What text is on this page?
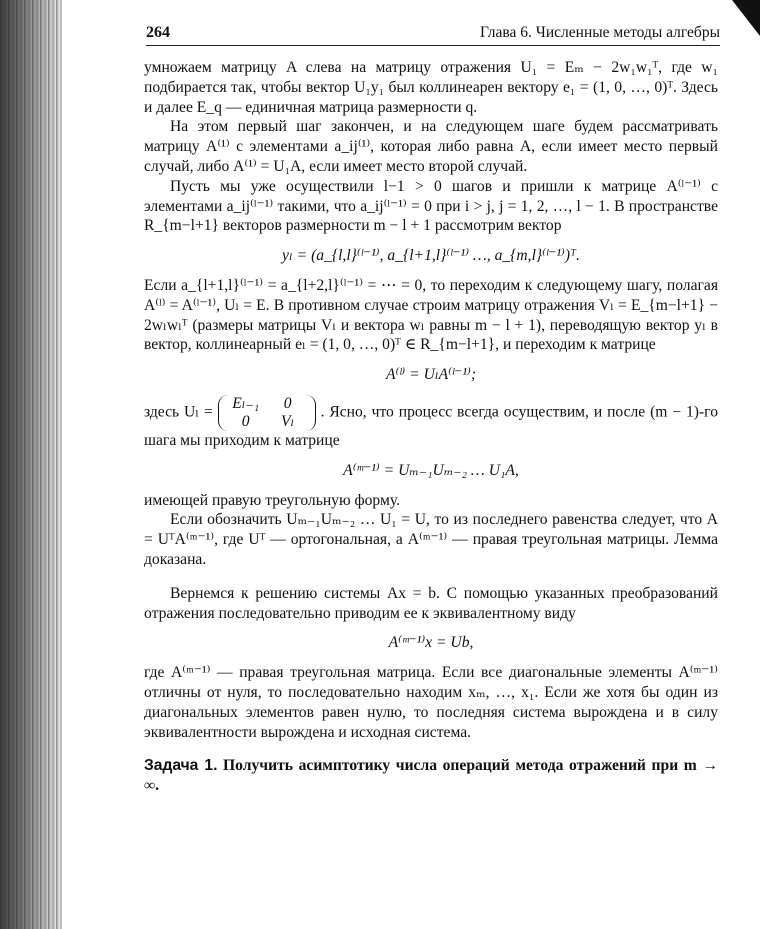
264	Глава 6. Численные методы алгебры

умножаем матрицу A слева на матрицу отражения U₁ = Eₘ − 2w₁w₁ᵀ, где w₁ подбирается так, чтобы вектор U₁y₁ был коллинеарен вектору e₁ = (1, 0, …, 0)ᵀ. Здесь и далее E_q — единичная матрица размерности q.

На этом первый шаг закончен, и на следующем шаге будем рассматривать матрицу A⁽¹⁾ с элементами a_ij⁽¹⁾, которая либо равна A, если имеет место первый случай, либо A⁽¹⁾ = U₁A, если имеет место второй случай.

Пусть мы уже осуществили l−1 > 0 шагов и пришли к матрице A⁽ˡ⁻¹⁾ с элементами a_ij⁽ˡ⁻¹⁾ такими, что a_ij⁽ˡ⁻¹⁾ = 0 при i > j, j = 1, 2, …, l − 1. В пространстве R_{m−l+1} векторов размерности m − l + 1 рассмотрим вектор

yₗ = (a_{l,l}⁽ˡ⁻¹⁾, a_{l+1,l}⁽ˡ⁻¹⁾ …, a_{m,l}⁽ˡ⁻¹⁾)ᵀ.

Если a_{l+1,l}⁽ˡ⁻¹⁾ = a_{l+2,l}⁽ˡ⁻¹⁾ = ⋯ = 0, то переходим к следующему шагу, полагая A⁽ˡ⁾ = A⁽ˡ⁻¹⁾, Uₗ = E. В противном случае строим матрицу отражения Vₗ = E_{m−l+1} − 2wₗwₗᵀ (размеры матрицы Vₗ и вектора wₗ равны m − l + 1), переводящую вектор yₗ в вектор, коллинеарный eₗ = (1, 0, …, 0)ᵀ ∈ R_{m−l+1}, и переходим к матрице

A⁽ˡ⁾ = UₗA⁽ˡ⁻¹⁾;

здесь Uₗ = Eₗ₋₁ 0
0 Vₗ . Ясно, что процесс всегда осуществим, и после (m − 1)-го шага мы приходим к матрице

A⁽ᵐ⁻¹⁾ = Uₘ₋₁Uₘ₋₂ … U₁A,

имеющей правую треугольную форму.

Если обозначить Uₘ₋₁Uₘ₋₂ … U₁ = U, то из последнего равенства следует, что A = UᵀA⁽ᵐ⁻¹⁾, где Uᵀ — ортогональная, а A⁽ᵐ⁻¹⁾ — правая треугольная матрицы. Лемма доказана.

Вернемся к решению системы Ax = b. С помощью указанных преобразований отражения последовательно приводим ее к эквивалентному виду

A⁽ᵐ⁻¹⁾x = Ub,

где A⁽ᵐ⁻¹⁾ — правая треугольная матрица. Если все диагональные элементы A⁽ᵐ⁻¹⁾ отличны от нуля, то последовательно находим xₘ, …, x₁. Если же хотя бы один из диагональных элементов равен нулю, то последняя система вырождена и в силу эквивалентности вырождена и исходная система.

Задача 1. Получить асимптотику числа операций метода отражений при m → ∞.
